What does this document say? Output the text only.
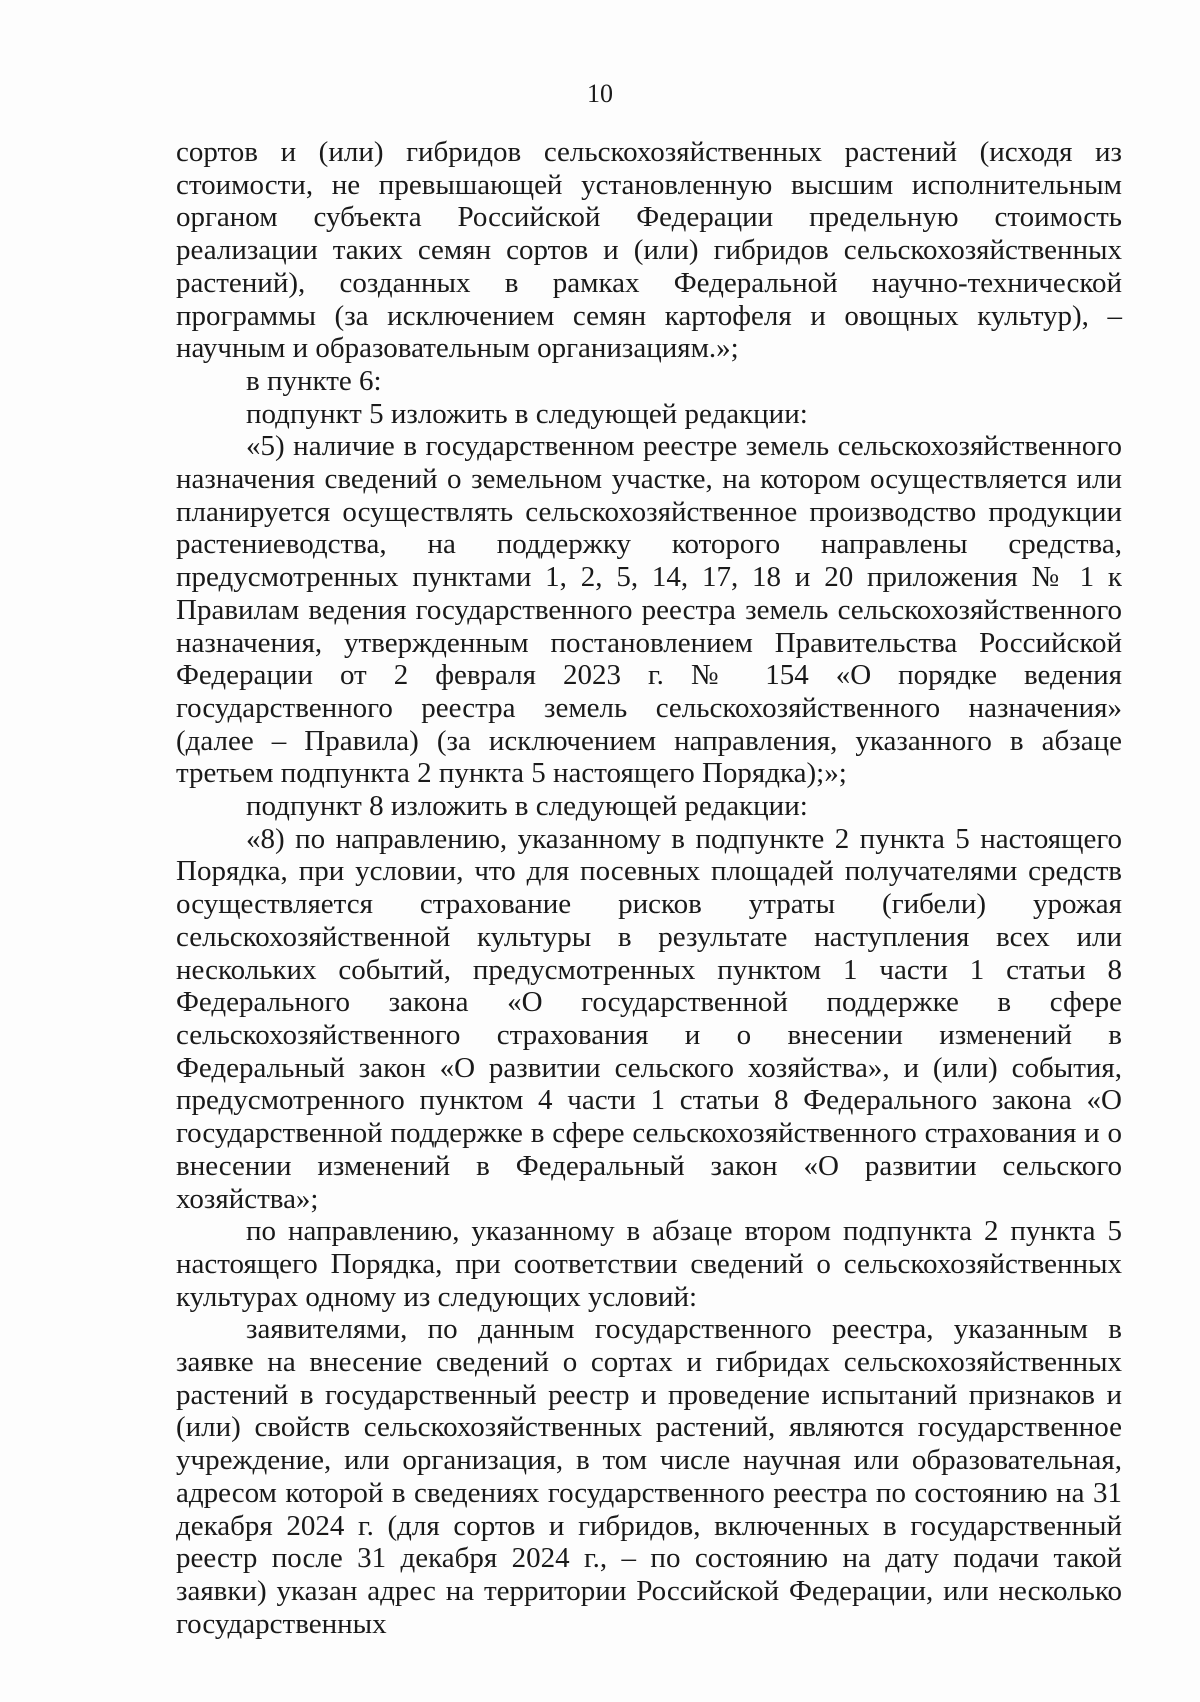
10

сортов и (или) гибридов сельскохозяйственных растений (исходя из стоимости, не превышающей установленную высшим исполнительным органом субъекта Российской Федерации предельную стоимость реализации таких семян сортов и (или) гибридов сельскохозяйственных растений), созданных в рамках Федеральной научно-технической программы (за исключением семян картофеля и овощных культур), – научным и образовательным организациям.»;

в пункте 6:

подпункт 5 изложить в следующей редакции:

«5) наличие в государственном реестре земель сельскохозяйственного назначения сведений о земельном участке, на котором осуществляется или планируется осуществлять сельскохозяйственное производство продукции растениеводства, на поддержку которого направлены средства, предусмотренных пунктами 1, 2, 5, 14, 17, 18 и 20 приложения № 1 к Правилам ведения государственного реестра земель сельскохозяйственного назначения, утвержденным постановлением Правительства Российской Федерации от 2 февраля 2023 г. № 154 «О порядке ведения государственного реестра земель сельскохозяйственного назначения» (далее – Правила) (за исключением направления, указанного в абзаце третьем подпункта 2 пункта 5 настоящего Порядка);»;

подпункт 8 изложить в следующей редакции:

«8) по направлению, указанному в подпункте 2 пункта 5 настоящего Порядка, при условии, что для посевных площадей получателями средств осуществляется страхование рисков утраты (гибели) урожая сельскохозяйственной культуры в результате наступления всех или нескольких событий, предусмотренных пунктом 1 части 1 статьи 8 Федерального закона «О государственной поддержке в сфере сельскохозяйственного страхования и о внесении изменений в Федеральный закон «О развитии сельского хозяйства», и (или) события, предусмотренного пунктом 4 части 1 статьи 8 Федерального закона «О государственной поддержке в сфере сельскохозяйственного страхования и о внесении изменений в Федеральный закон «О развитии сельского хозяйства»;

по направлению, указанному в абзаце втором подпункта 2 пункта 5 настоящего Порядка, при соответствии сведений о сельскохозяйственных культурах одному из следующих условий:

заявителями, по данным государственного реестра, указанным в заявке на внесение сведений о сортах и гибридах сельскохозяйственных растений в государственный реестр и проведение испытаний признаков и (или) свойств сельскохозяйственных растений, являются государственное учреждение, или организация, в том числе научная или образовательная, адресом которой в сведениях государственного реестра по состоянию на 31 декабря 2024 г. (для сортов и гибридов, включенных в государственный реестр после 31 декабря 2024 г., – по состоянию на дату подачи такой заявки) указан адрес на территории Российской Федерации, или несколько государственных
